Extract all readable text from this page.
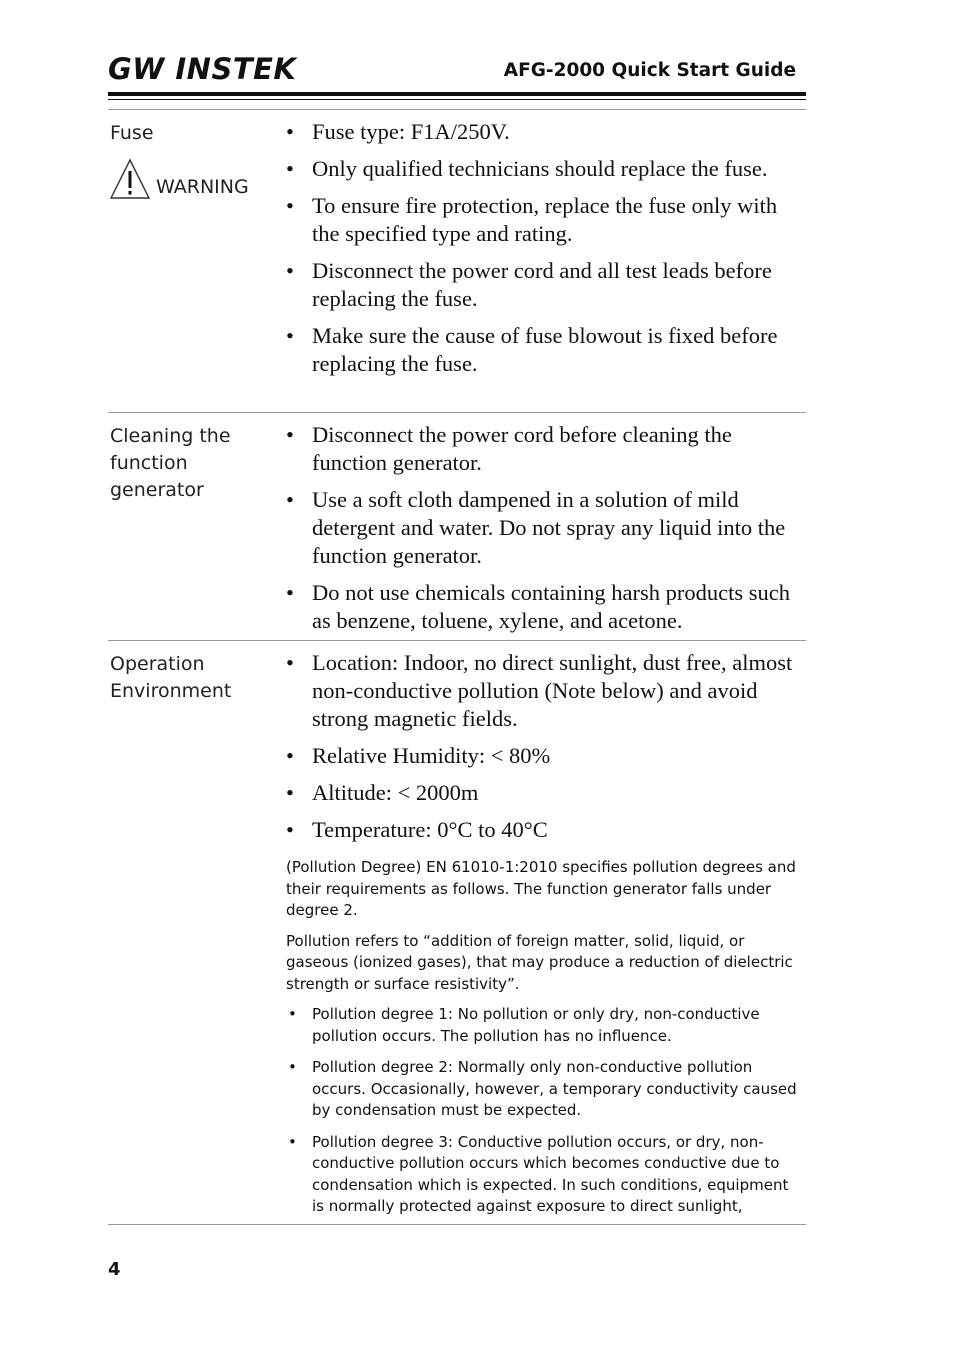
GW INSTEK	AFG-2000 Quick Start Guide
Fuse
WARNING
• Fuse type: F1A/250V.
• Only qualified technicians should replace the fuse.
• To ensure fire protection, replace the fuse only with the specified type and rating.
• Disconnect the power cord and all test leads before replacing the fuse.
• Make sure the cause of fuse blowout is fixed before replacing the fuse.
Cleaning the function generator
• Disconnect the power cord before cleaning the function generator.
• Use a soft cloth dampened in a solution of mild detergent and water. Do not spray any liquid into the function generator.
• Do not use chemicals containing harsh products such as benzene, toluene, xylene, and acetone.
Operation Environment
• Location: Indoor, no direct sunlight, dust free, almost non-conductive pollution (Note below) and avoid strong magnetic fields.
• Relative Humidity: < 80%
• Altitude: < 2000m
• Temperature: 0°C to 40°C

(Pollution Degree) EN 61010-1:2010 specifies pollution degrees and their requirements as follows. The function generator falls under degree 2.

Pollution refers to “addition of foreign matter, solid, liquid, or gaseous (ionized gases), that may produce a reduction of dielectric strength or surface resistivity”.

• Pollution degree 1: No pollution or only dry, non-conductive pollution occurs. The pollution has no influence.
• Pollution degree 2: Normally only non-conductive pollution occurs. Occasionally, however, a temporary conductivity caused by condensation must be expected.
• Pollution degree 3: Conductive pollution occurs, or dry, non-conductive pollution occurs which becomes conductive due to condensation which is expected. In such conditions, equipment is normally protected against exposure to direct sunlight,
4
